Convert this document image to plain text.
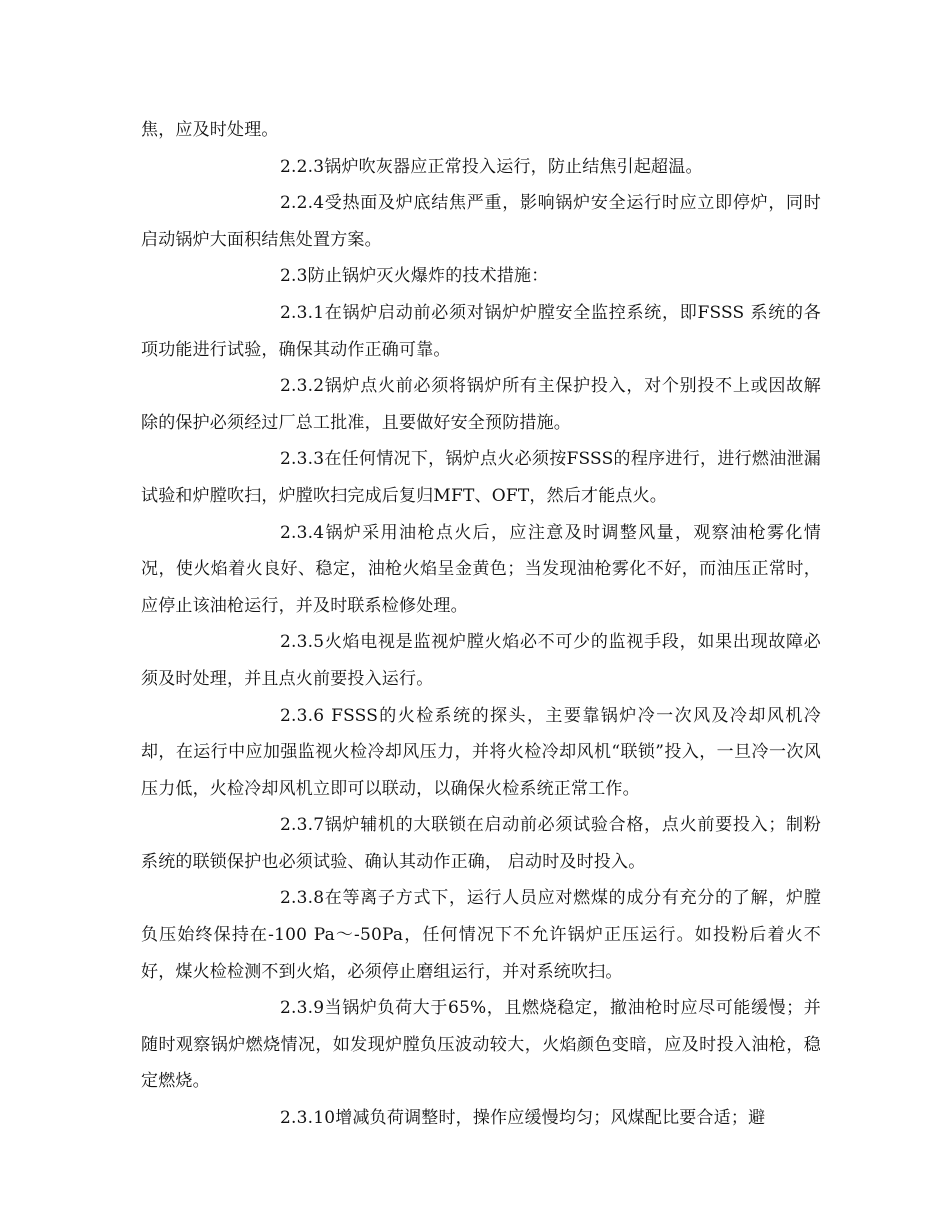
焦，应及时处理。

2.2.3锅炉吹灰器应正常投入运行，防止结焦引起超温。

2.2.4受热面及炉底结焦严重，影响锅炉安全运行时应立即停炉，同时启动锅炉大面积结焦处置方案。

2.3防止锅炉灭火爆炸的技术措施：

2.3.1在锅炉启动前必须对锅炉炉膛安全监控系统，即FSSS 系统的各项功能进行试验，确保其动作正确可靠。

2.3.2锅炉点火前必须将锅炉所有主保护投入，对个别投不上或因故解除的保护必须经过厂总工批准，且要做好安全预防措施。

2.3.3在任何情况下，锅炉点火必须按FSSS的程序进行，进行燃油泄漏试验和炉膛吹扫，炉膛吹扫完成后复归MFT、OFT，然后才能点火。

2.3.4锅炉采用油枪点火后，应注意及时调整风量，观察油枪雾化情况，使火焰着火良好、稳定，油枪火焰呈金黄色；当发现油枪雾化不好，而油压正常时，应停止该油枪运行，并及时联系检修处理。

2.3.5火焰电视是监视炉膛火焰必不可少的监视手段，如果出现故障必须及时处理，并且点火前要投入运行。

2.3.6 FSSS的火检系统的探头，主要靠锅炉冷一次风及冷却风机冷却，在运行中应加强监视火检冷却风压力，并将火检冷却风机“联锁”投入，一旦冷一次风压力低，火检冷却风机立即可以联动，以确保火检系统正常工作。

2.3.7锅炉辅机的大联锁在启动前必须试验合格，点火前要投入；制粉系统的联锁保护也必须试验、确认其动作正确， 启动时及时投入。

2.3.8在等离子方式下，运行人员应对燃煤的成分有充分的了解，炉膛负压始终保持在-100 Pa～-50Pa，任何情况下不允许锅炉正压运行。如投粉后着火不好，煤火检检测不到火焰，必须停止磨组运行，并对系统吹扫。

2.3.9当锅炉负荷大于65%，且燃烧稳定，撤油枪时应尽可能缓慢；并随时观察锅炉燃烧情况，如发现炉膛负压波动较大，火焰颜色变暗，应及时投入油枪，稳定燃烧。

2.3.10增减负荷调整时，操作应缓慢均匀；风煤配比要合适；避
